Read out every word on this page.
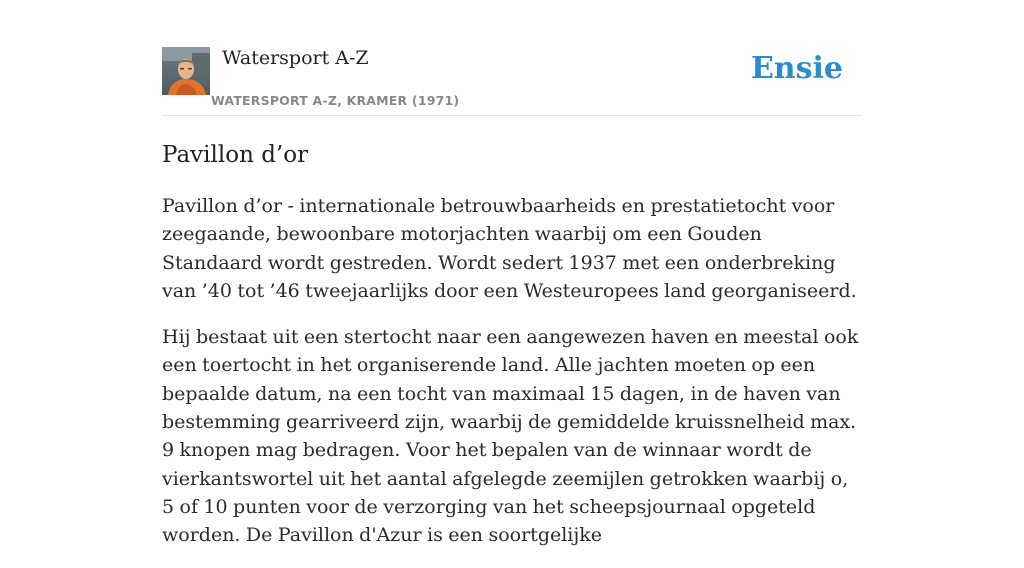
Watersport A-Z
WATERSPORT A-Z, KRAMER (1971)
Ensie
Pavillon d’or

Pavillon d’or - internationale betrouwbaarheids en prestatietocht voor zeegaande, bewoonbare motorjachten waarbij om een Gouden Standaard wordt gestreden. Wordt sedert 1937 met een onderbreking van ’40 tot ’46 tweejaarlijks door een Westeuropees land georganiseerd.

Hij bestaat uit een stertocht naar een aangewezen haven en meestal ook een toertocht in het organiserende land. Alle jachten moeten op een bepaalde datum, na een tocht van maximaal 15 dagen, in de haven van bestemming gearriveerd zijn, waarbij de gemiddelde kruissnelheid max. 9 knopen mag bedragen. Voor het bepalen van de winnaar wordt de vierkantswortel uit het aantal afgelegde zeemijlen getrokken waarbij o, 5 of 10 punten voor de verzorging van het scheepsjournaal opgeteld worden. De Pavillon d'Azur is een soortgelijke
